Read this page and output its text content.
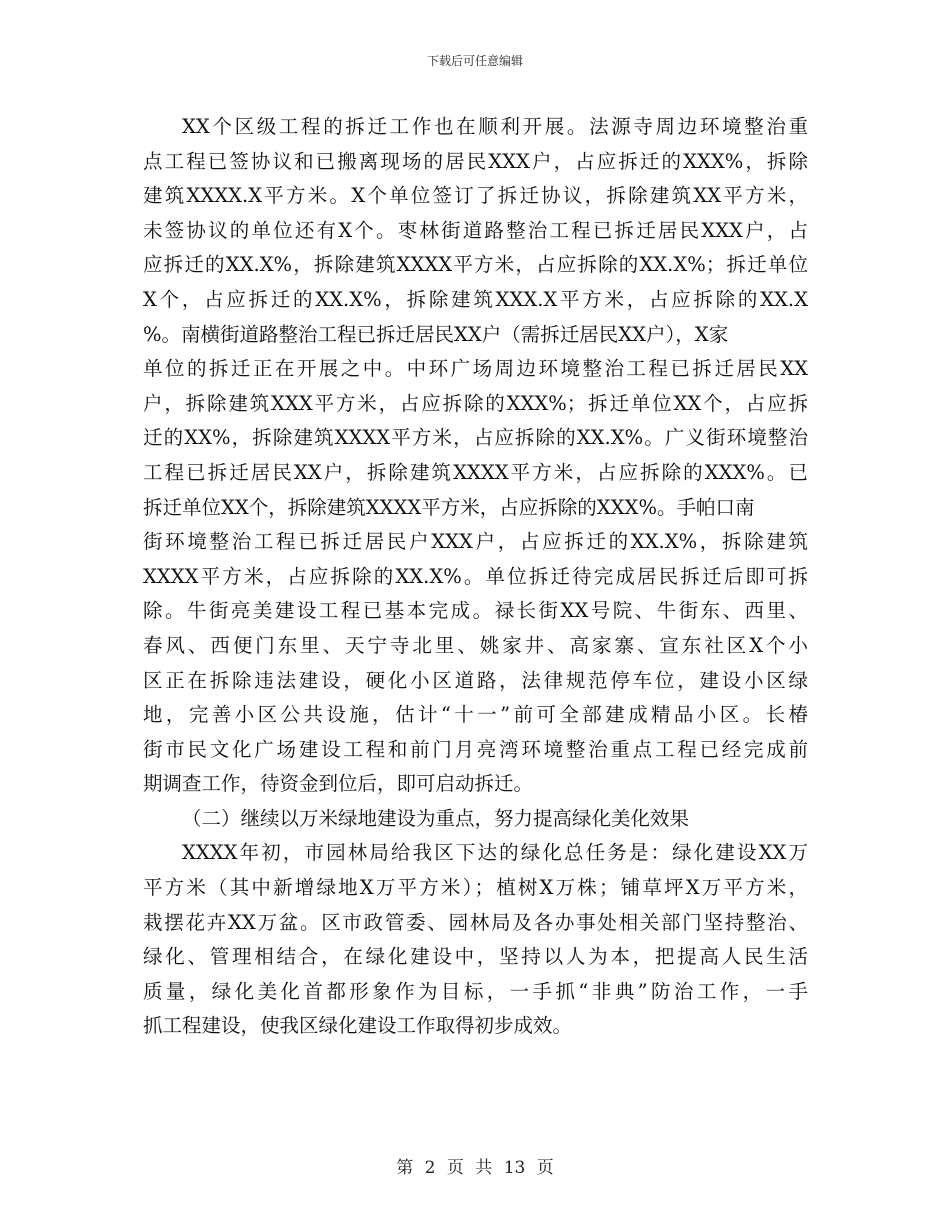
下载后可任意编辑
XX个区级工程的拆迁工作也在顺利开展。法源寺周边环境整治重
点工程已签协议和已搬离现场的居民XXX户，占应拆迁的XXX%，拆除
建筑XXXX.X平方米。X个单位签订了拆迁协议，拆除建筑XX平方米，
未签协议的单位还有X个。枣林街道路整治工程已拆迁居民XXX户，占
应拆迁的XX.X%，拆除建筑XXXX平方米，占应拆除的XX.X%；拆迁单位
X个，占应拆迁的XX.X%，拆除建筑XXX.X平方米，占应拆除的XX.X
%。南横街道路整治工程已拆迁居民XX户（需拆迁居民XX户），X家
单位的拆迁正在开展之中。中环广场周边环境整治工程已拆迁居民XX
户，拆除建筑XXX平方米，占应拆除的XXX%；拆迁单位XX个，占应拆
迁的XX%，拆除建筑XXXX平方米，占应拆除的XX.X%。广义街环境整治
工程已拆迁居民XX户，拆除建筑XXXX平方米，占应拆除的XXX%。已
拆迁单位XX个，拆除建筑XXXX平方米，占应拆除的XXX%。手帕口南
街环境整治工程已拆迁居民户XXX户，占应拆迁的XX.X%，拆除建筑
XXXX平方米，占应拆除的XX.X%。单位拆迁待完成居民拆迁后即可拆
除。牛街亮美建设工程已基本完成。禄长街XX号院、牛街东、西里、
春风、西便门东里、天宁寺北里、姚家井、高家寨、宣东社区X个小
区正在拆除违法建设，硬化小区道路，法律规范停车位，建设小区绿
地，完善小区公共设施，估计“十一”前可全部建成精品小区。长椿
街市民文化广场建设工程和前门月亮湾环境整治重点工程已经完成前
期调查工作，待资金到位后，即可启动拆迁。
（二）继续以万米绿地建设为重点，努力提高绿化美化效果
XXXX年初，市园林局给我区下达的绿化总任务是：绿化建设XX万
平方米（其中新增绿地X万平方米）；植树X万株；铺草坪X万平方米，
栽摆花卉XX万盆。区市政管委、园林局及各办事处相关部门坚持整治、
绿化、管理相结合，在绿化建设中，坚持以人为本，把提高人民生活
质量，绿化美化首都形象作为目标，一手抓“非典”防治工作，一手
抓工程建设，使我区绿化建设工作取得初步成效。
第 2 页 共 13 页
